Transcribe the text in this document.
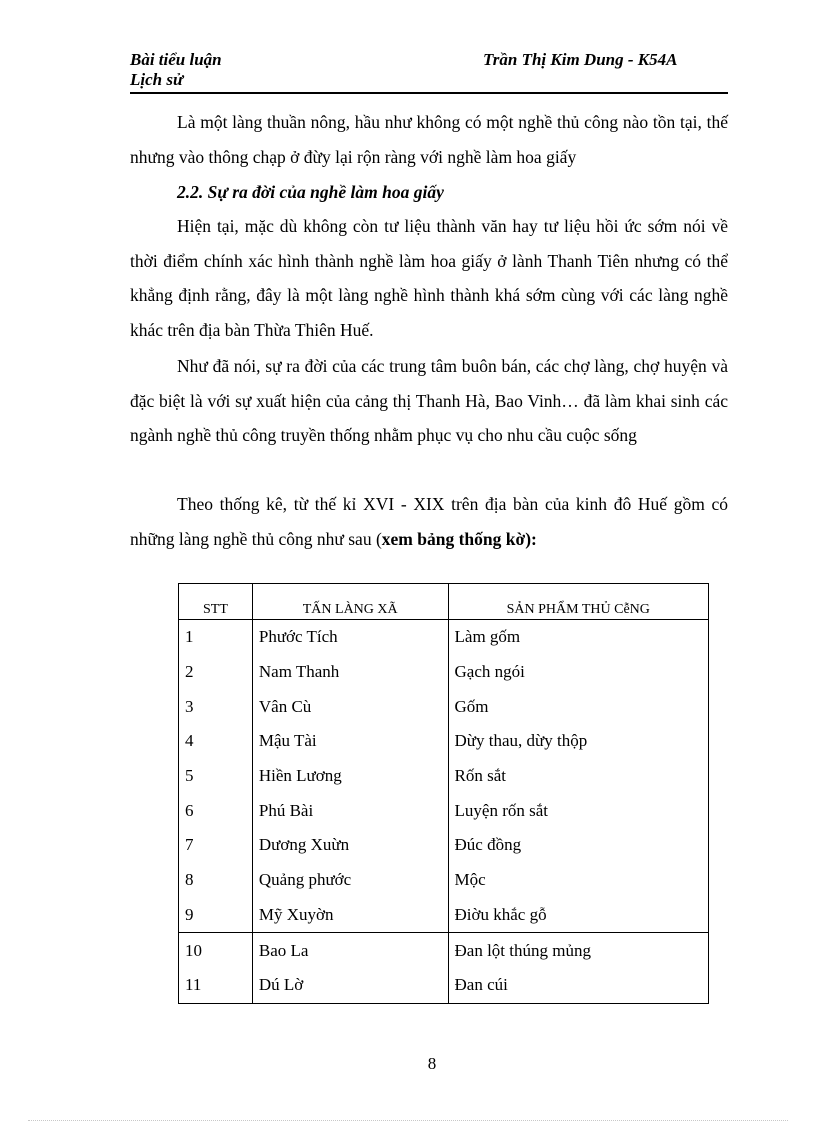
Bài tiểu luận
Lịch sử
Trần Thị Kim Dung - K54A
Là một làng thuần nông, hầu như không có một nghề thủ công nào tồn tại, thế nhưng vào thông chạp ở đừy lại rộn ràng với nghề làm hoa giấy
2.2. Sự ra đời của nghề làm hoa giấy
Hiện tại, mặc dù không còn tư liệu thành văn hay tư liệu hồi ức sớm nói về thời điểm chính xác hình thành nghề làm hoa giấy ở lành Thanh Tiên nhưng có thể khẳng định rằng, đây là một làng nghề hình thành khá sớm cùng với các làng nghề khác trên địa bàn Thừa Thiên Huế.
Như đã nói, sự ra đời của các trung tâm buôn bán, các chợ làng, chợ huyện và đặc biệt là với sự xuất hiện của cảng thị Thanh Hà, Bao Vinh… đã làm khai sinh các ngành nghề thủ công truyền thống nhằm phục vụ cho nhu cầu cuộc sống
Theo thống kê, từ thế kỉ XVI - XIX trên địa bàn của kinh đô Huế gồm có những làng nghề thủ công như sau (xem bảng thống kờ):
STT	TẤN LÀNG XÃ	SẢN PHẨM THỦ CễNG
1	Phước Tích	Làm gốm
2	Nam Thanh	Gạch ngói
3	Vân Cù	Gốm
4	Mậu Tài	Dừy thau, dừy thộp
5	Hiền Lương	Rốn sắt
6	Phú Bài	Luyện rốn sắt
7	Dương Xuừn	Đúc đồng
8	Quảng phước	Mộc
9	Mỹ Xuyờn	Điờu khắc gỗ
10	Bao La	Đan lột thúng mủng
11	Dú Lờ	Đan cúi
8
